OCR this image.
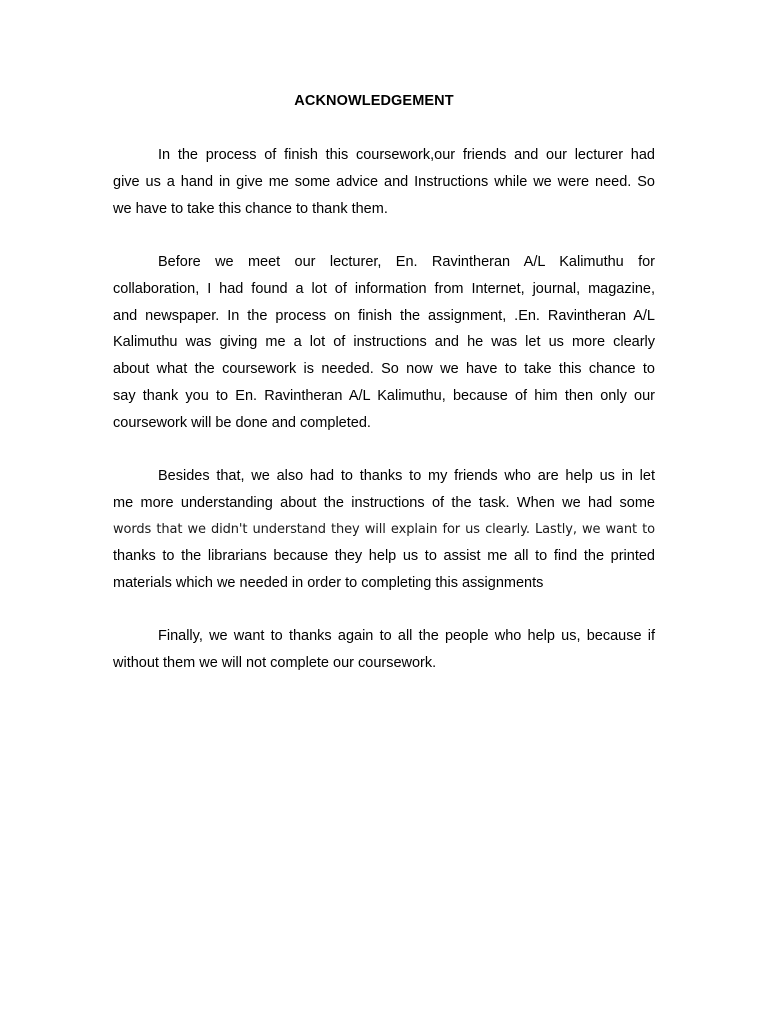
ACKNOWLEDGEMENT
In the process of finish this coursework,our friends and our lecturer had
give us a hand in give me some advice and Instructions while we were need. So
we have to take this chance to thank them.
Before we meet our lecturer, En. Ravintheran A/L Kalimuthu for
collaboration, I had found a lot of information from Internet, journal, magazine,
and newspaper. In the process on finish the assignment, .En. Ravintheran A/L
Kalimuthu was giving me a lot of instructions and he was let us more clearly
about what the coursework is needed. So now we have to take this chance to
say thank you to En. Ravintheran A/L Kalimuthu, because of him then only our
coursework will be done and completed.
Besides that, we also had to thanks to my friends who are help us in let
me more understanding about the instructions of the task. When we had some
words that we didn't understand they will explain for us clearly. Lastly, we want to
thanks to the librarians because they help us to assist me all to find the printed
materials which we needed in order to completing this assignments
Finally, we want to thanks again to all the people who help us, because if
without them we will not complete our coursework.
